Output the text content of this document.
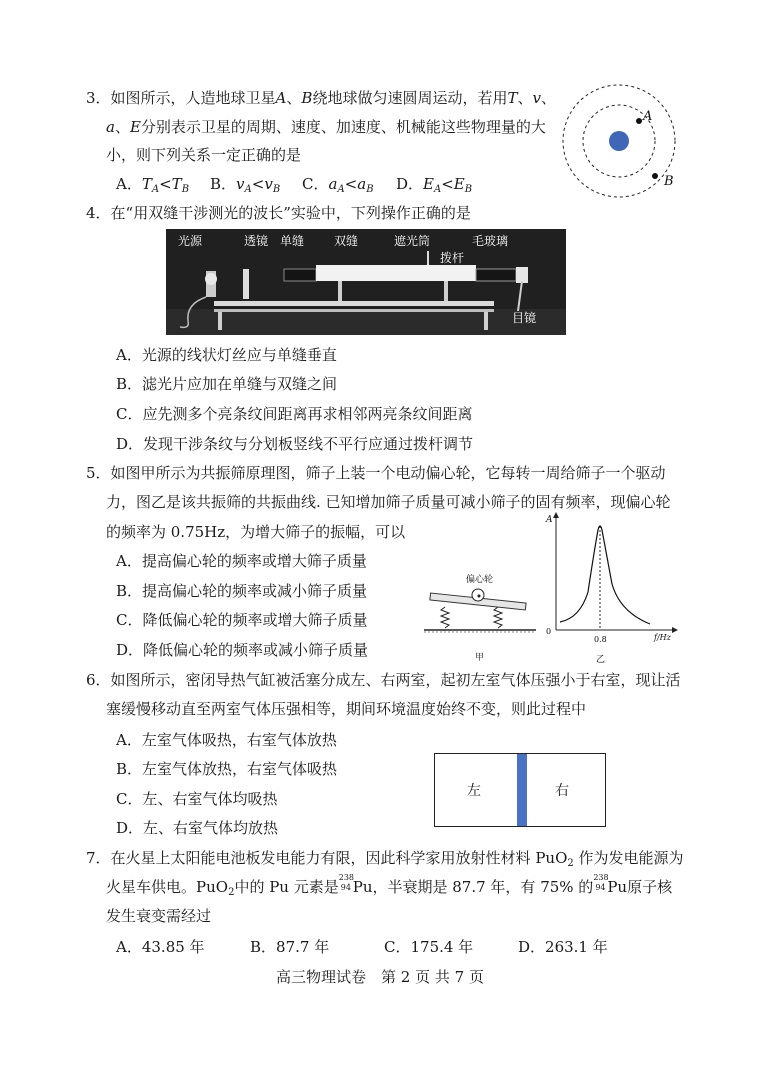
3．如图所示，人造地球卫星A、B绕地球做匀速圆周运动，若用T、v、
a、E分别表示卫星的周期、速度、加速度、机械能这些物理量的大
小，则下列关系一定正确的是
A．$T_A<T_B$ B．$v_A<v_B$ C．$a_A<a_B$ D．$E_A<E_B$
A
B
4．在“用双缝干涉测光的波长”实验中，下列操作正确的是
光源	透镜 单缝 双缝	遮光筒	毛玻璃
拨杆
目镜
A．光源的线状灯丝应与单缝垂直
B．滤光片应加在单缝与双缝之间
C．应先测多个亮条纹间距离再求相邻两亮条纹间距离
D．发现干涉条纹与分划板竖线不平行应通过拨杆调节
5．如图甲所示为共振筛原理图，筛子上装一个电动偏心轮，它每转一周给筛子一个驱动
力，图乙是该共振筛的共振曲线. 已知增加筛子质量可减小筛子的固有频率，现偏心轮
的频率为 0.75Hz，为增大筛子的振幅，可以
A．提高偏心轮的频率或增大筛子质量
B．提高偏心轮的频率或减小筛子质量
C．降低偏心轮的频率或增大筛子质量
D．降低偏心轮的频率或减小筛子质量
偏心轮
甲
A
0
0.8	f/Hz
乙
6．如图所示，密闭导热气缸被活塞分成左、右两室，起初左室气体压强小于右室，现让活
塞缓慢移动直至两室气体压强相等，期间环境温度始终不变，则此过程中
A．左室气体吸热，右室气体放热
B．左室气体放热，右室气体吸热
C．左、右室气体均吸热
D．左、右室气体均放热
左	右
7．在火星上太阳能电池板发电能力有限，因此科学家用放射性材料 PuO$_2$ 作为发电能源为
火星车供电。PuO$_2$中的 Pu 元素是
238
94 Pu，半衰期是 87.7 年，有 75% 的
238
94 Pu原子核
发生衰变需经过
A．43.85 年	B．87.7 年	C．175.4 年	D．263.1 年
高三物理试卷　第 2 页 共 7 页
